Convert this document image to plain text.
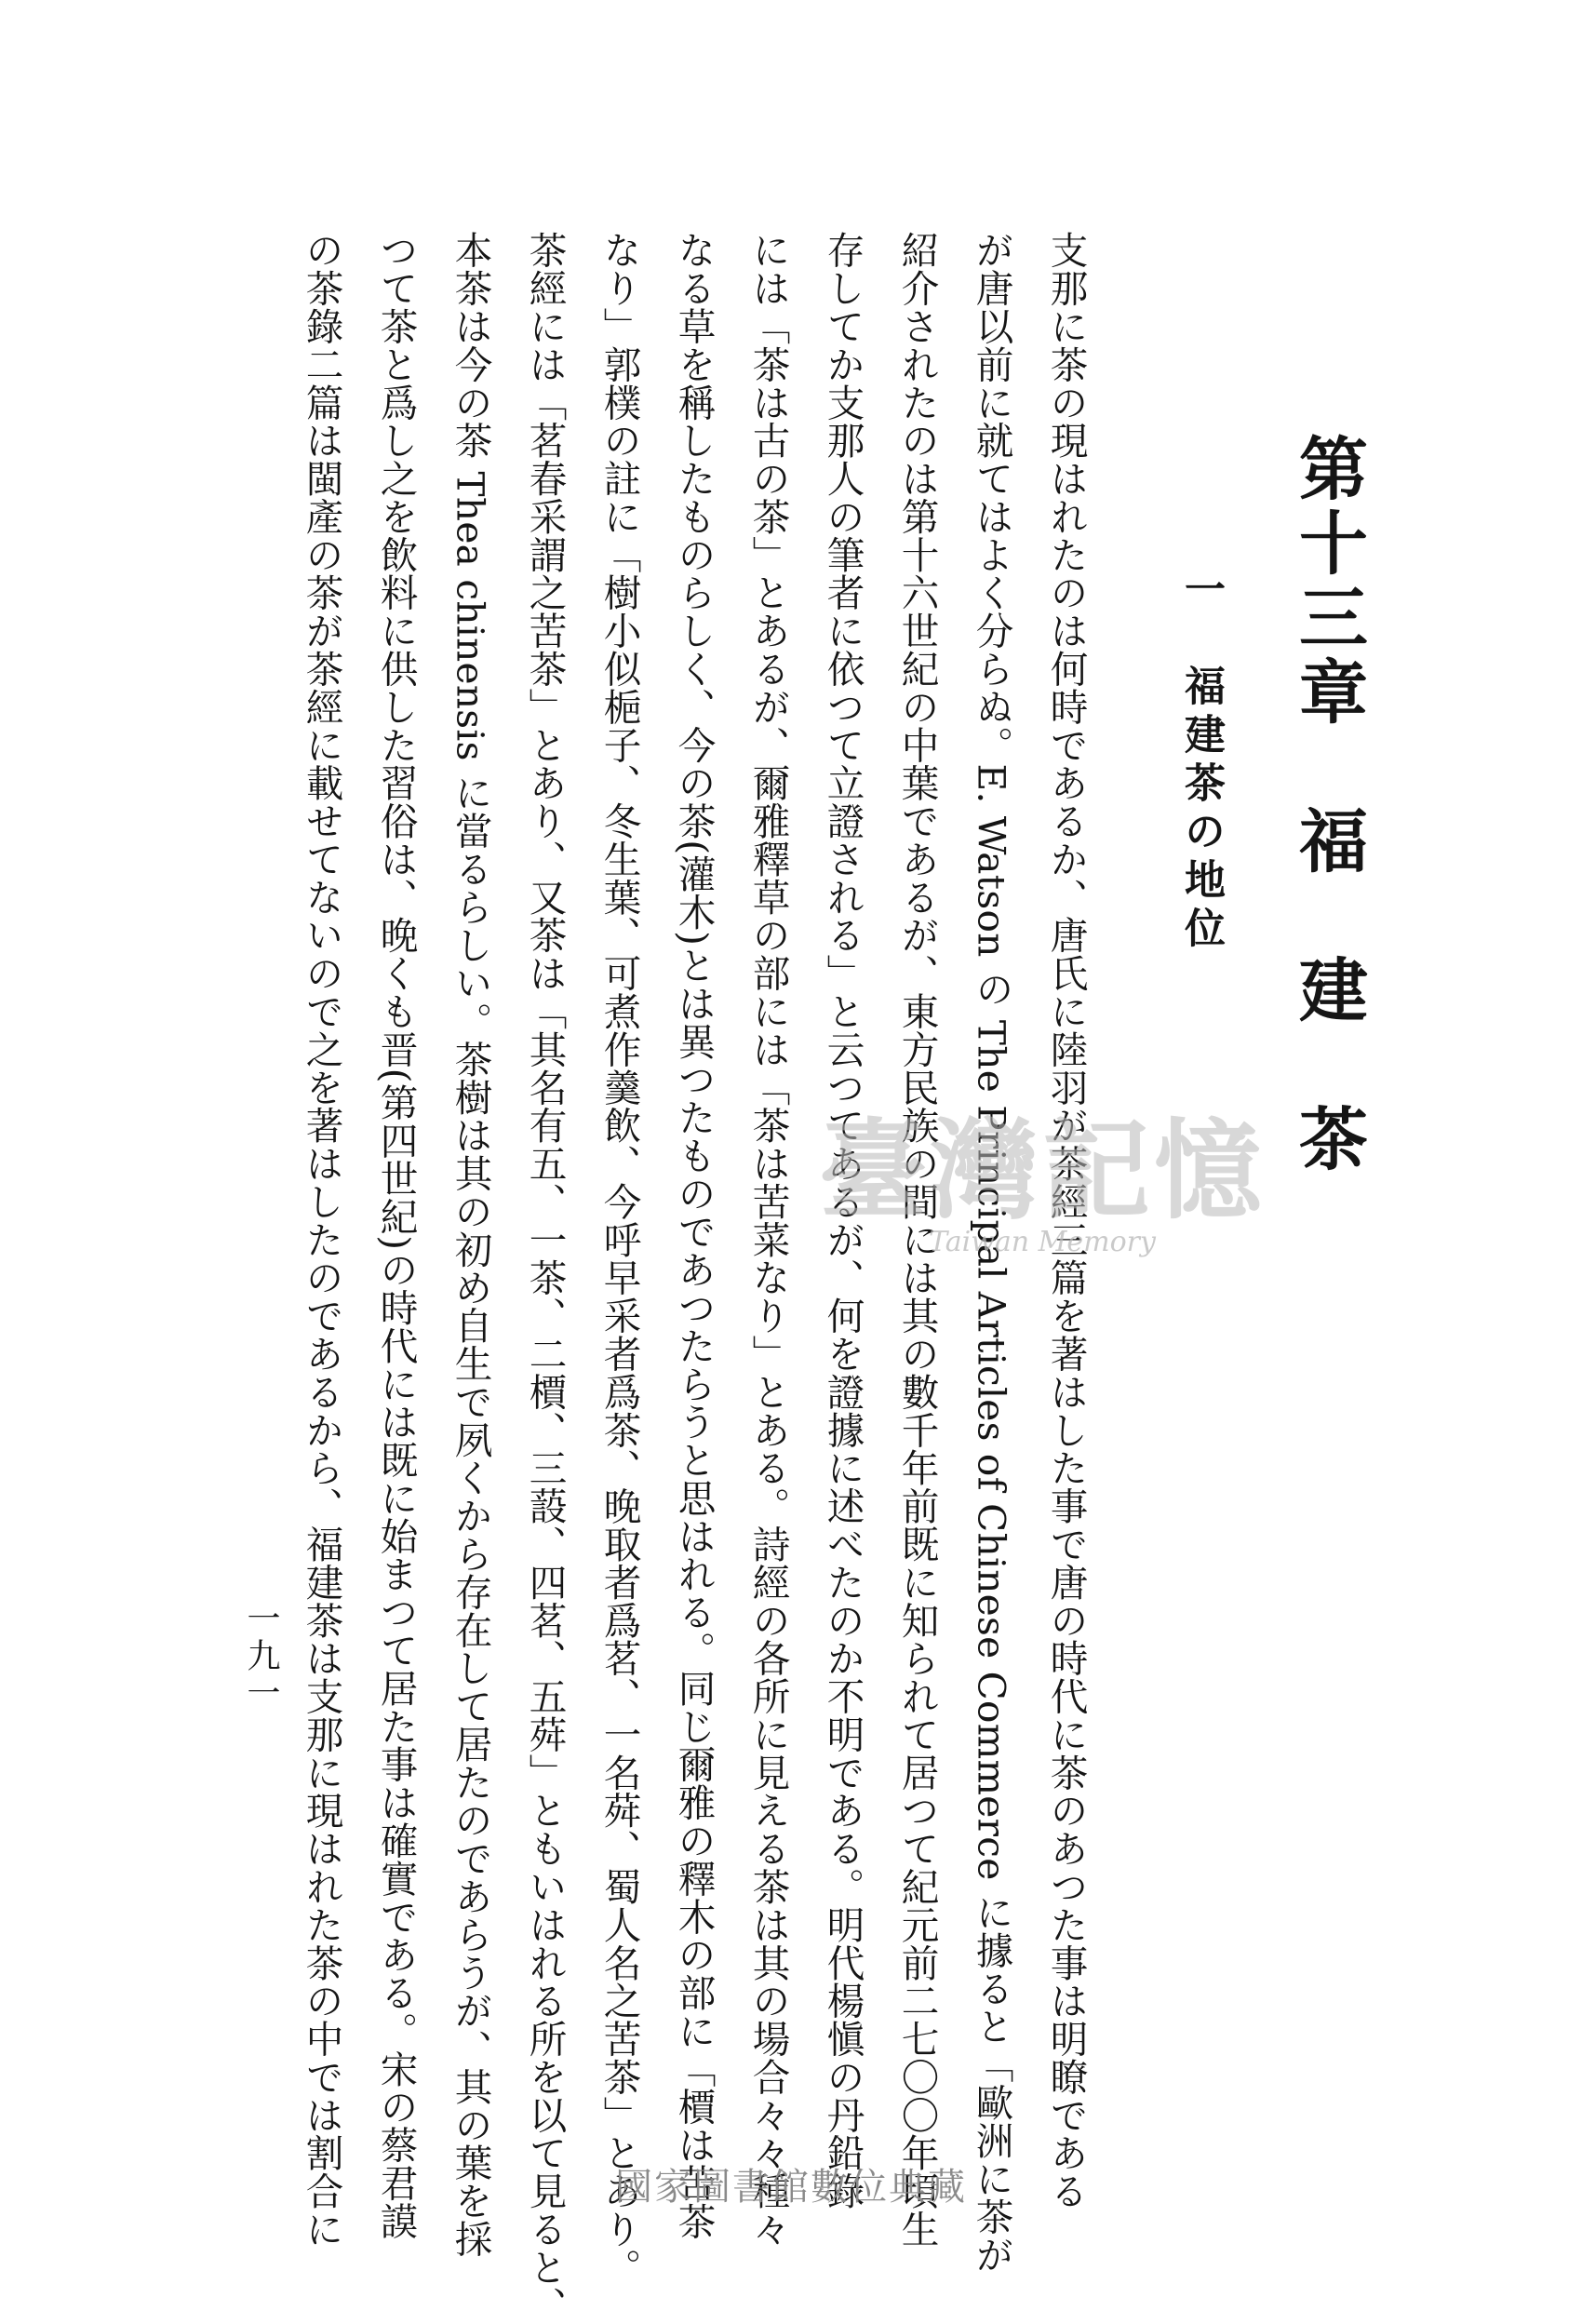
第十三章　福　建　茶
一　福建茶の地位
支那に茶の現はれたのは何時であるか、唐氏に陸羽が茶經三篇を著はした事で唐の時代に茶のあつた事は明瞭である
が唐以前に就てはよく分らぬ。E. Watson の The Principal Articles of Chinese Commerce に據ると「歐洲に茶が
紹介されたのは第十六世紀の中葉であるが、東方民族の間には其の數千年前既に知られて居つて紀元前二七〇〇年頃生
存してか支那人の筆者に依つて立證される」と云つてあるが、何を證據に述べたのか不明である。明代楊愼の丹鉛錄
には「茶は古の茶」とあるが、爾雅釋草の部には「茶は苦菜なり」とある。詩經の各所に見える茶は其の場合々々種々
なる草を稱したものらしく、今の茶(灌木)とは異つたものであつたらうと思はれる。同じ爾雅の釋木の部に「檟は苦茶
なり」郭樸の註に「樹小似梔子、冬生葉、可煮作羹飲、今呼早采者爲茶、晚取者爲茗、一名荈、蜀人名之苦茶」とあり。
茶經には「茗春采謂之苦茶」とあり、又茶は「其名有五、一茶、二檟、三蔎、四茗、五荈」ともいはれる所を以て見ると、
本茶は今の茶 Thea chinensis に當るらしい。茶樹は其の初め自生で夙くから存在して居たのであらうが、其の葉を採
つて茶と爲し之を飲料に供した習俗は、晚くも晋(第四世紀)の時代には既に始まつて居た事は確實である。宋の蔡君謨
の茶錄二篇は閩產の茶が茶經に載せてないので之を著はしたのであるから、福建茶は支那に現はれた茶の中では割合に
一九一
臺灣記憶
Taiwan Memory
國家圖書館數位典藏
